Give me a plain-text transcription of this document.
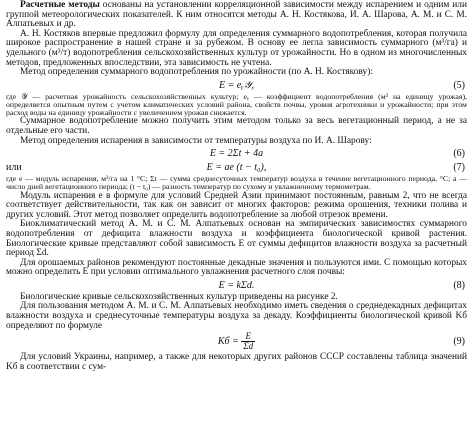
Расчетные методы основаны на установлении корреляционной зависимости между испарением и одним или группой метеорологических показателей. К ним относятся методы А. Н. Костякова, И. А. Шарова, А. М. и С. М. Алпатьевых и др.

А. Н. Костяков впервые предложил формулу для определения суммарного водопотребления, которая получила широкое распространение в нашей стране и за рубежом. В основу ее легла зависимость суммарного (м³/га) и удельного (м³/т) водопотребления сельскохозяйственных культур от урожайности. Но в одном из многочисленных методов, предложенных впоследствии, эта зависимость не учтена.

Метод определения суммарного водопотребления по урожайности (по А. Н. Костякову):

E = eᵧ𝒴,	(5)

где 𝒴 — расчетная урожайность сельскохозяйственных культур; eᵧ — коэффициент водопотребления (м³ на единицу урожая), определяется опытным путем с учетом климатических условий района, свойств почвы, уровня агротехники и урожайности; при этом расход воды на единицу урожайности с увеличением урожая снижается.

Суммарное водопотребление можно получить этим методом только за весь вегетационный период, а не за отдельные его части.

Метод определения испарения в зависимости от температуры воздуха по И. А. Шарову:

E = 2Σt + 4a	(6)
или	E = ae (t − t₀),	(7)

где e — модуль испарения, м³/га на 1 °С; Σt — сумма среднесуточных температур воздуха в течение вегетационного периода, °С; a — число дней вегетационного периода; (t − t₀) — разность температур по сухому и увлажненному термометрам.

Модуль испарения e в формуле для условий Средней Азии принимают постоянным, равным 2, что не всегда соответствует действительности, так как он зависит от многих факторов: режима орошения, техники полива и других условий. Этот метод позволяет определить водопотребление за любой отрезок времени.

Биоклиматический метод А. М. и С. М. Алпатьевых основан на эмпирических зависимостях суммарного водопотребления от дефицита влажности воздуха и коэффициента биологической кривой растения. Биологические кривые представляют собой зависимость E от суммы дефицитов влажности воздуха за расчетный период Σd.

Для орошаемых районов рекомендуют постоянные декадные значения и пользуются ими. С помощью которых можно определить E при условии оптимального увлажнения расчетного слоя почвы:

E = kΣd.	(8)

Биологические кривые сельскохозяйственных культур приведены на рисунке 2.

Для пользования методом А. М. и С. М. Алпатьевых необходимо иметь сведения о среднедекадных дефицитах влажности воздуха и среднесуточные температуры воздуха за декаду. Коэффициенты биологической кривой Kб определяют по формуле

Kб = $\frac{E}{\Sigma d}$	(9)

Для условий Украины, например, а также для некоторых других районов СССР составлены таблица значений Kб в соответствии с сум-
